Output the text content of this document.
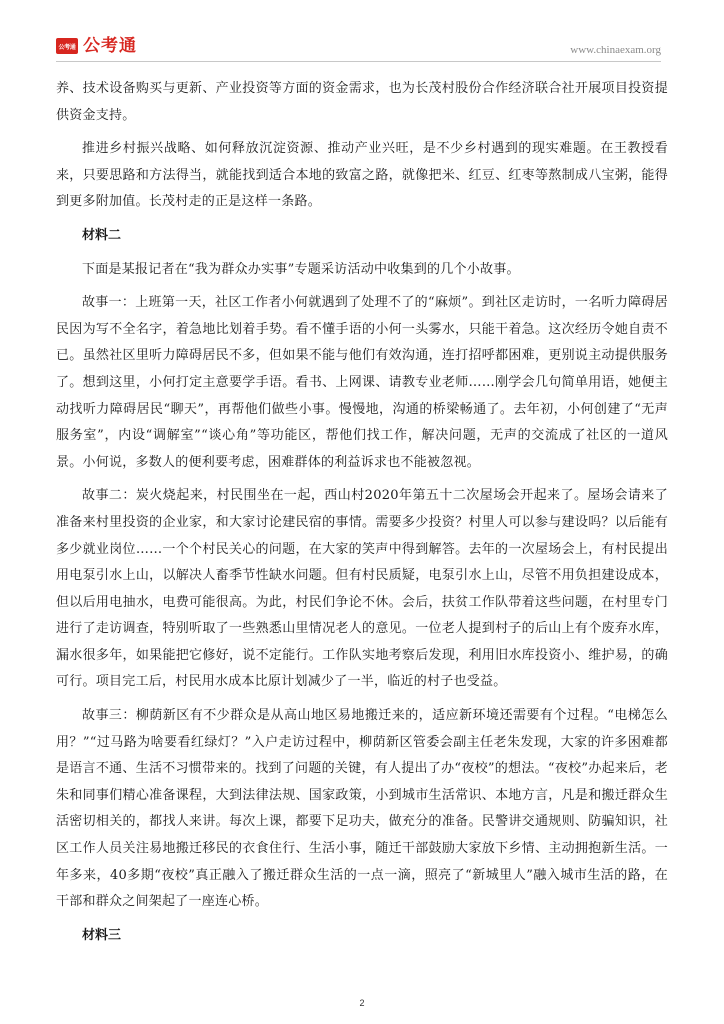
公考通 公考通	www.chinaexam.org

养、技术设备购买与更新、产业投资等方面的资金需求，也为长茂村股份合作经济联合社开展项目投资提供资金支持。

推进乡村振兴战略、如何释放沉淀资源、推动产业兴旺，是不少乡村遇到的现实难题。在王教授看来，只要思路和方法得当，就能找到适合本地的致富之路，就像把米、红豆、红枣等熬制成八宝粥，能得到更多附加值。长茂村走的正是这样一条路。

材料二

下面是某报记者在“我为群众办实事”专题采访活动中收集到的几个小故事。

故事一：上班第一天，社区工作者小何就遇到了处理不了的“麻烦”。到社区走访时，一名听力障碍居民因为写不全名字，着急地比划着手势。看不懂手语的小何一头雾水，只能干着急。这次经历令她自责不已。虽然社区里听力障碍居民不多，但如果不能与他们有效沟通，连打招呼都困难，更别说主动提供服务了。想到这里，小何打定主意要学手语。看书、上网课、请教专业老师……刚学会几句简单用语，她便主动找听力障碍居民“聊天”，再帮他们做些小事。慢慢地，沟通的桥梁畅通了。去年初，小何创建了“无声服务室”，内设“调解室”“谈心角”等功能区，帮他们找工作，解决问题，无声的交流成了社区的一道风景。小何说，多数人的便利要考虑，困难群体的利益诉求也不能被忽视。

故事二：炭火烧起来，村民围坐在一起，西山村2020年第五十二次屋场会开起来了。屋场会请来了准备来村里投资的企业家，和大家讨论建民宿的事情。需要多少投资？村里人可以参与建设吗？以后能有多少就业岗位……一个个村民关心的问题，在大家的笑声中得到解答。去年的一次屋场会上，有村民提出用电泵引水上山，以解决人畜季节性缺水问题。但有村民质疑，电泵引水上山，尽管不用负担建设成本，但以后用电抽水，电费可能很高。为此，村民们争论不休。会后，扶贫工作队带着这些问题，在村里专门进行了走访调查，特别听取了一些熟悉山里情况老人的意见。一位老人提到村子的后山上有个废弃水库，漏水很多年，如果能把它修好，说不定能行。工作队实地考察后发现，利用旧水库投资小、维护易，的确可行。项目完工后，村民用水成本比原计划减少了一半，临近的村子也受益。

故事三：柳荫新区有不少群众是从高山地区易地搬迁来的，适应新环境还需要有个过程。“电梯怎么用？”“过马路为啥要看红绿灯？”入户走访过程中，柳荫新区管委会副主任老朱发现，大家的许多困难都是语言不通、生活不习惯带来的。找到了问题的关键，有人提出了办“夜校”的想法。“夜校”办起来后，老朱和同事们精心准备课程，大到法律法规、国家政策，小到城市生活常识、本地方言，凡是和搬迁群众生活密切相关的，都找人来讲。每次上课，都要下足功夫，做充分的准备。民警讲交通规则、防骗知识，社区工作人员关注易地搬迁移民的衣食住行、生活小事，随迁干部鼓励大家放下乡情、主动拥抱新生活。一年多来，40多期“夜校”真正融入了搬迁群众生活的一点一滴，照亮了“新城里人”融入城市生活的路，在干部和群众之间架起了一座连心桥。

材料三

2
